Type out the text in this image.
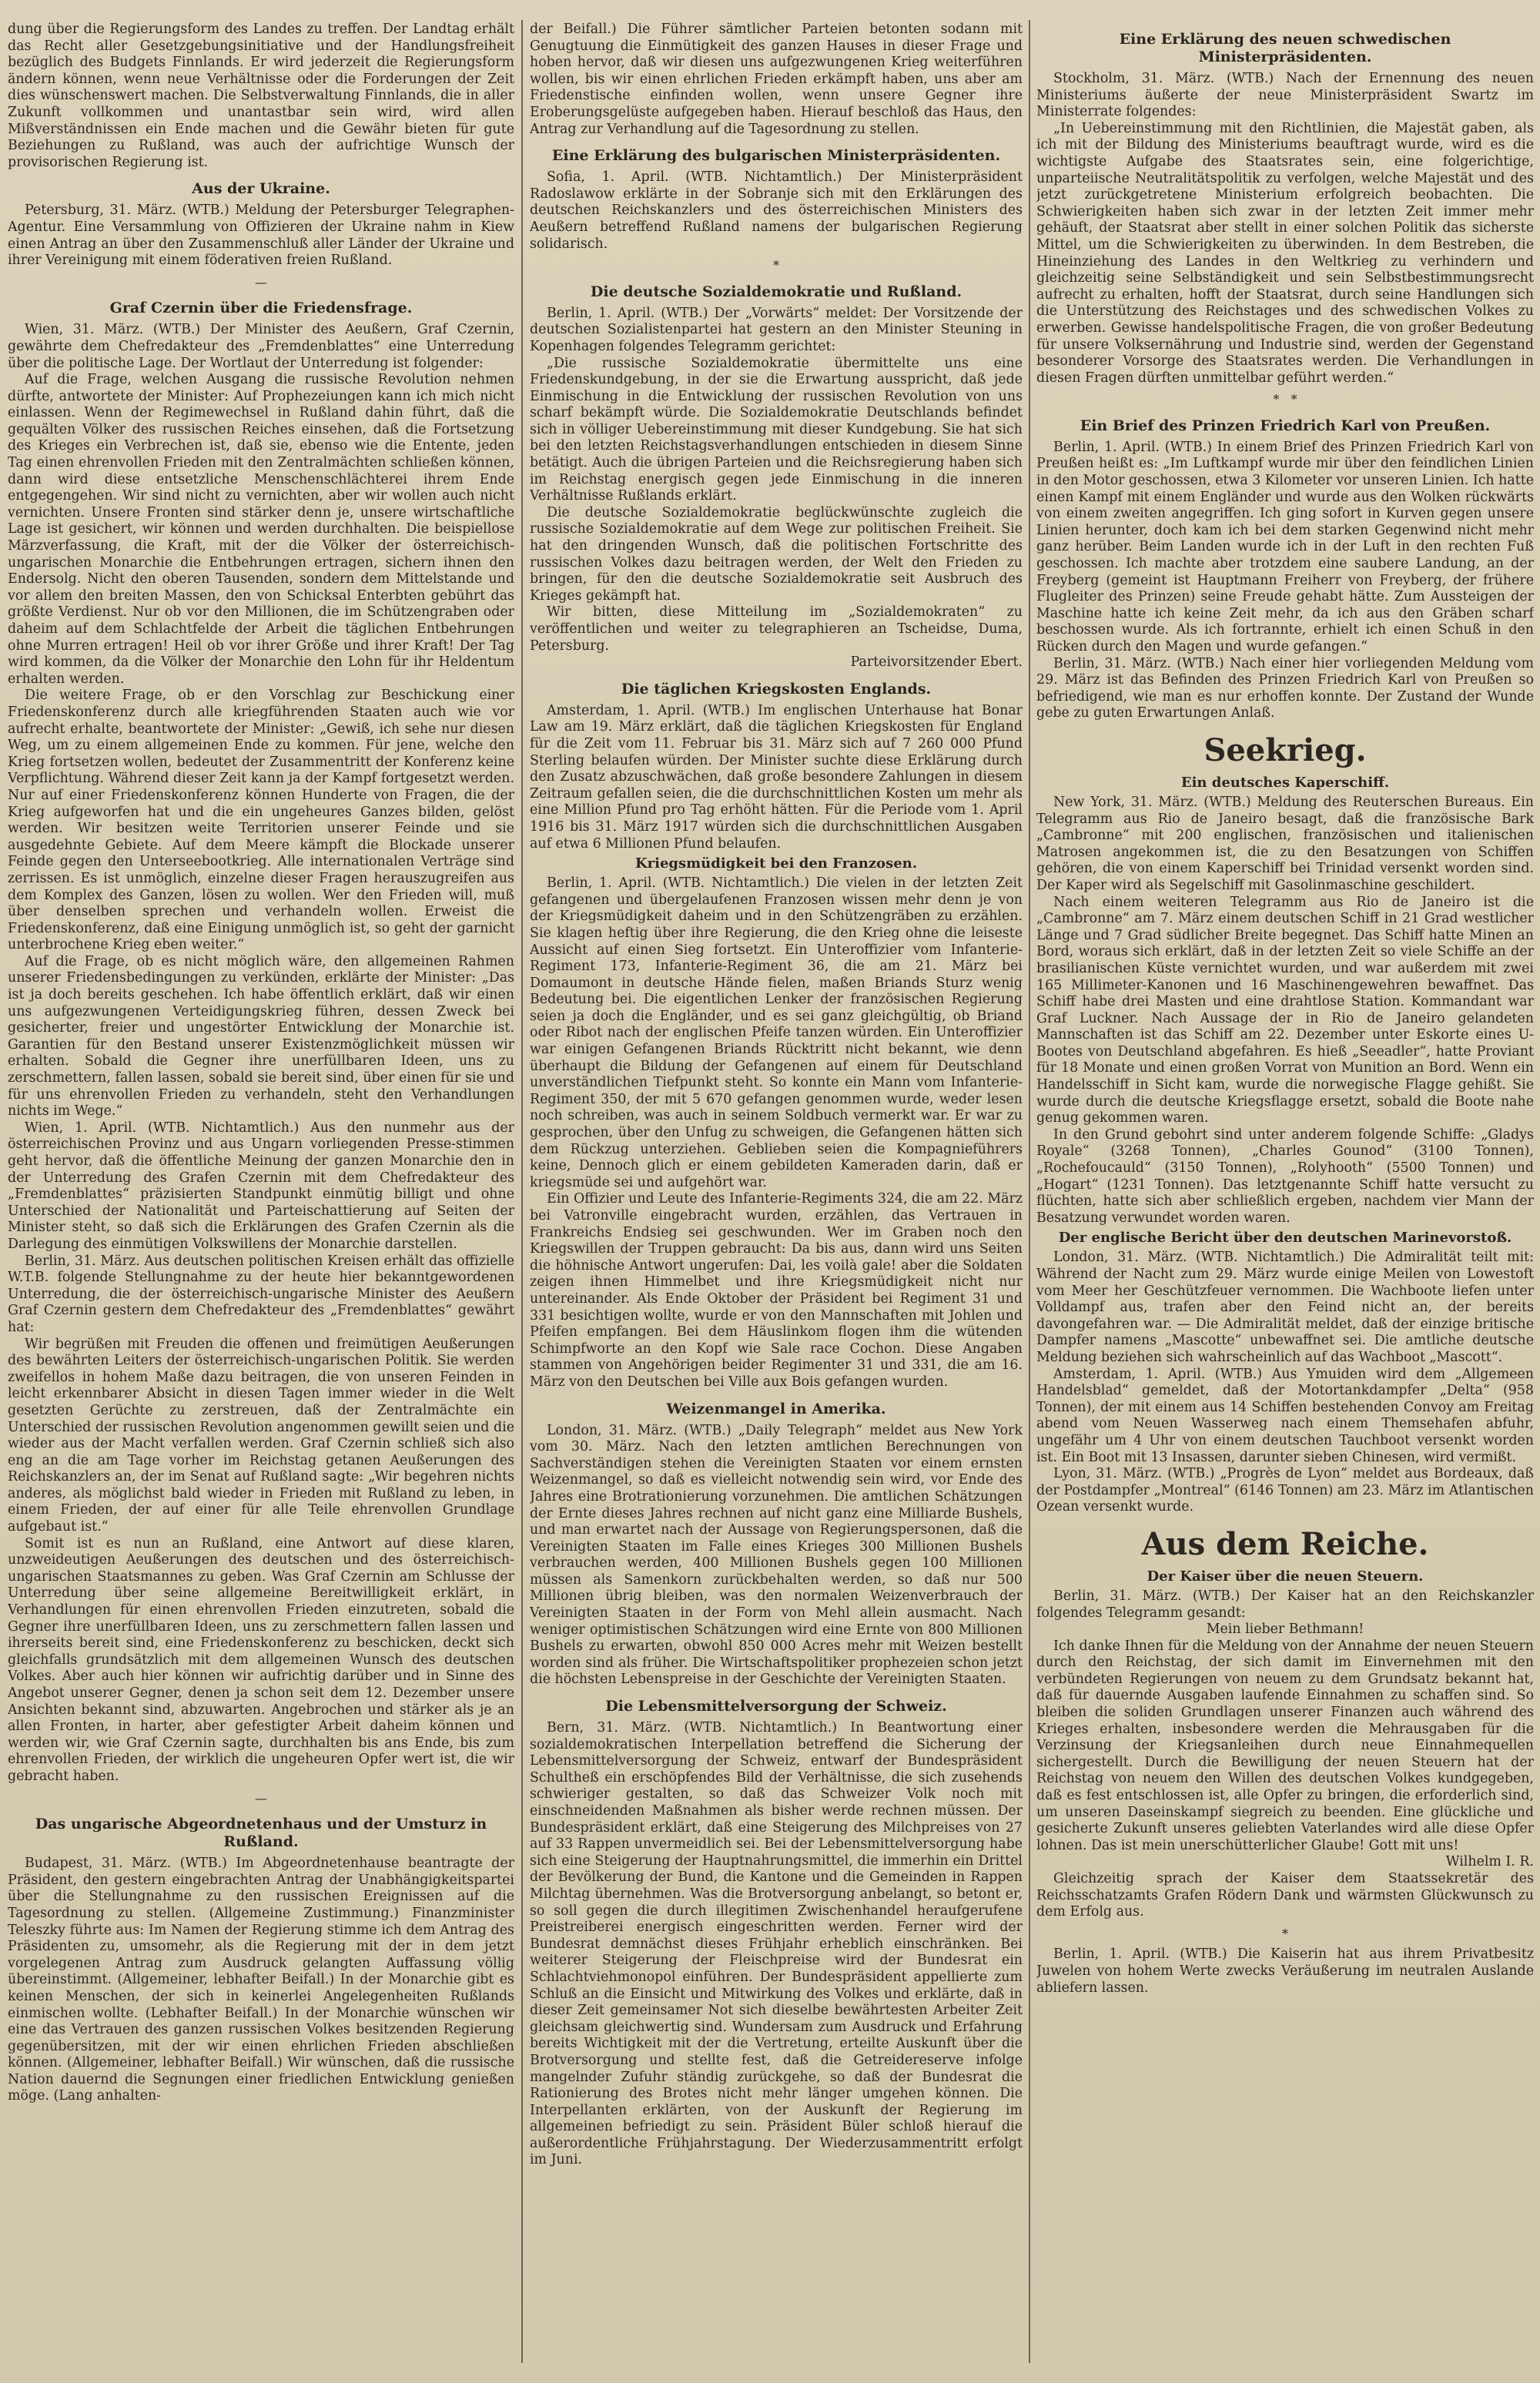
dung über die Regierungsform des Landes zu treffen. Der Landtag erhält das Recht aller Gesetzgebungsinitiative und der Handlungsfreiheit bezüglich des Budgets Finnlands. Er wird jederzeit die Regierungsform ändern können, wenn neue Verhältnisse oder die Forderungen der Zeit dies wünschenswert machen. Die Selbstverwaltung Finnlands, die in aller Zukunft vollkommen und unantastbar sein wird, wird allen Mißverständnissen ein Ende machen und die Gewähr bieten für gute Beziehungen zu Rußland, was auch der aufrichtige Wunsch der provisorischen Regierung ist.

Aus der Ukraine.

Petersburg, 31. März. (WTB.) Meldung der Petersburger Telegraphen-Agentur. Eine Versammlung von Offizieren der Ukraine nahm in Kiew einen Antrag an über den Zusammenschluß aller Länder der Ukraine und ihrer Vereinigung mit einem föderativen freien Rußland.

—
Graf Czernin über die Friedensfrage.

Wien, 31. März. (WTB.) Der Minister des Aeußern, Graf Czernin, gewährte dem Chefredakteur des „Fremdenblattes“ eine Unterredung über die politische Lage. Der Wortlaut der Unterredung ist folgender:

Auf die Frage, welchen Ausgang die russische Revolution nehmen dürfte, antwortete der Minister: Auf Prophezeiungen kann ich mich nicht einlassen. Wenn der Regimewechsel in Rußland dahin führt, daß die gequälten Völker des russischen Reiches einsehen, daß die Fortsetzung des Krieges ein Verbrechen ist, daß sie, ebenso wie die Entente, jeden Tag einen ehrenvollen Frieden mit den Zentralmächten schließen können, dann wird diese entsetzliche Menschenschlächterei ihrem Ende entgegengehen. Wir sind nicht zu vernichten, aber wir wollen auch nicht vernichten. Unsere Fronten sind stärker denn je, unsere wirtschaftliche Lage ist gesichert, wir können und werden durchhalten. Die beispiellose Märzverfassung, die Kraft, mit der die Völker der österreichisch-ungarischen Monarchie die Entbehrungen ertragen, sichern ihnen den Endersolg. Nicht den oberen Tausenden, sondern dem Mittelstande und vor allem den breiten Massen, den von Schicksal Enterbten gebührt das größte Verdienst. Nur ob vor den Millionen, die im Schützengraben oder daheim auf dem Schlachtfelde der Arbeit die täglichen Entbehrungen ohne Murren ertragen! Heil ob vor ihrer Größe und ihrer Kraft! Der Tag wird kommen, da die Völker der Monarchie den Lohn für ihr Heldentum erhalten werden.

Die weitere Frage, ob er den Vorschlag zur Beschickung einer Friedenskonferenz durch alle kriegführenden Staaten auch wie vor aufrecht erhalte, beantwortete der Minister: „Gewiß, ich sehe nur diesen Weg, um zu einem allgemeinen Ende zu kommen. Für jene, welche den Krieg fortsetzen wollen, bedeutet der Zusammentritt der Konferenz keine Verpflichtung. Während dieser Zeit kann ja der Kampf fortgesetzt werden. Nur auf einer Friedenskonferenz können Hunderte von Fragen, die der Krieg aufgeworfen hat und die ein ungeheures Ganzes bilden, gelöst werden. Wir besitzen weite Territorien unserer Feinde und sie ausgedehnte Gebiete. Auf dem Meere kämpft die Blockade unserer Feinde gegen den Unterseebootkrieg. Alle internationalen Verträge sind zerrissen. Es ist unmöglich, einzelne dieser Fragen herauszugreifen aus dem Komplex des Ganzen, lösen zu wollen. Wer den Frieden will, muß über denselben sprechen und verhandeln wollen. Erweist die Friedenskonferenz, daß eine Einigung unmöglich ist, so geht der garnicht unterbrochene Krieg eben weiter.“

Auf die Frage, ob es nicht möglich wäre, den allgemeinen Rahmen unserer Friedensbedingungen zu verkünden, erklärte der Minister: „Das ist ja doch bereits geschehen. Ich habe öffentlich erklärt, daß wir einen uns aufgezwungenen Verteidigungskrieg führen, dessen Zweck bei gesicherter, freier und ungestörter Entwicklung der Monarchie ist. Garantien für den Bestand unserer Existenzmöglichkeit müssen wir erhalten. Sobald die Gegner ihre unerfüllbaren Ideen, uns zu zerschmettern, fallen lassen, sobald sie bereit sind, über einen für sie und für uns ehrenvollen Frieden zu verhandeln, steht den Verhandlungen nichts im Wege.“

Wien, 1. April. (WTB. Nichtamtlich.) Aus den nunmehr aus der österreichischen Provinz und aus Ungarn vorliegenden Presse-stimmen geht hervor, daß die öffentliche Meinung der ganzen Monarchie den in der Unterredung des Grafen Czernin mit dem Chefredakteur des „Fremdenblattes“ präzisierten Standpunkt einmütig billigt und ohne Unterschied der Nationalität und Parteischattierung auf Seiten der Minister steht, so daß sich die Erklärungen des Grafen Czernin als die Darlegung des einmütigen Volkswillens der Monarchie darstellen.

Berlin, 31. März. Aus deutschen politischen Kreisen erhält das offizielle W.T.B. folgende Stellungnahme zu der heute hier bekanntgewordenen Unterredung, die der österreichisch-ungarische Minister des Aeußern Graf Czernin gestern dem Chefredakteur des „Fremdenblattes“ gewährt hat:

Wir begrüßen mit Freuden die offenen und freimütigen Aeußerungen des bewährten Leiters der österreichisch-ungarischen Politik. Sie werden zweifellos in hohem Maße dazu beitragen, die von unseren Feinden in leicht erkennbarer Absicht in diesen Tagen immer wieder in die Welt gesetzten Gerüchte zu zerstreuen, daß der Zentralmächte ein Unterschied der russischen Revolution angenommen gewillt seien und die wieder aus der Macht verfallen werden. Graf Czernin schließ sich also eng an die am Tage vorher im Reichstag getanen Aeußerungen des Reichskanzlers an, der im Senat auf Rußland sagte: „Wir begehren nichts anderes, als möglichst bald wieder in Frieden mit Rußland zu leben, in einem Frieden, der auf einer für alle Teile ehrenvollen Grundlage aufgebaut ist.“

Somit ist es nun an Rußland, eine Antwort auf diese klaren, unzweideutigen Aeußerungen des deutschen und des österreichisch-ungarischen Staatsmannes zu geben. Was Graf Czernin am Schlusse der Unterredung über seine allgemeine Bereitwilligkeit erklärt, in Verhandlungen für einen ehrenvollen Frieden einzutreten, sobald die Gegner ihre unerfüllbaren Ideen, uns zu zerschmettern fallen lassen und ihrerseits bereit sind, eine Friedenskonferenz zu beschicken, deckt sich gleichfalls grundsätzlich mit dem allgemeinen Wunsch des deutschen Volkes. Aber auch hier können wir aufrichtig darüber und in Sinne des Angebot unserer Gegner, denen ja schon seit dem 12. Dezember unsere Ansichten bekannt sind, abzuwarten. Angebrochen und stärker als je an allen Fronten, in harter, aber gefestigter Arbeit daheim können und werden wir, wie Graf Czernin sagte, durchhalten bis ans Ende, bis zum ehrenvollen Frieden, der wirklich die ungeheuren Opfer wert ist, die wir gebracht haben.

—
Das ungarische Abgeordnetenhaus und der Umsturz in Rußland.

Budapest, 31. März. (WTB.) Im Abgeordnetenhause beantragte der Präsident, den gestern eingebrachten Antrag der Unabhängigkeitspartei über die Stellungnahme zu den russischen Ereignissen auf die Tagesordnung zu stellen. (Allgemeine Zustimmung.) Finanzminister Teleszky führte aus: Im Namen der Regierung stimme ich dem Antrag des Präsidenten zu, umsomehr, als die Regierung mit der in dem jetzt vorgelegenen Antrag zum Ausdruck gelangten Auffassung völlig übereinstimmt. (Allgemeiner, lebhafter Beifall.) In der Monarchie gibt es keinen Menschen, der sich in keinerlei Angelegenheiten Rußlands einmischen wollte. (Lebhafter Beifall.) In der Monarchie wünschen wir eine das Vertrauen des ganzen russischen Volkes besitzenden Regierung gegenübersitzen, mit der wir einen ehrlichen Frieden abschließen können. (Allgemeiner, lebhafter Beifall.) Wir wünschen, daß die russische Nation dauernd die Segnungen einer friedlichen Entwicklung genießen möge. (Lang anhalten-

der Beifall.) Die Führer sämtlicher Parteien betonten sodann mit Genugtuung die Einmütigkeit des ganzen Hauses in dieser Frage und hoben hervor, daß wir diesen uns aufgezwungenen Krieg weiterführen wollen, bis wir einen ehrlichen Frieden erkämpft haben, uns aber am Friedenstische einfinden wollen, wenn unsere Gegner ihre Eroberungsgelüste aufgegeben haben. Hierauf beschloß das Haus, den Antrag zur Verhandlung auf die Tagesordnung zu stellen.

Eine Erklärung des bulgarischen Ministerpräsidenten.

Sofia, 1. April. (WTB. Nichtamtlich.) Der Ministerpräsident Radoslawow erklärte in der Sobranje sich mit den Erklärungen des deutschen Reichskanzlers und des österreichischen Ministers des Aeußern betreffend Rußland namens der bulgarischen Regierung solidarisch.

*
Die deutsche Sozialdemokratie und Rußland.

Berlin, 1. April. (WTB.) Der „Vorwärts“ meldet: Der Vorsitzende der deutschen Sozialistenpartei hat gestern an den Minister Steuning in Kopenhagen folgendes Telegramm gerichtet:

„Die russische Sozialdemokratie übermittelte uns eine Friedenskundgebung, in der sie die Erwartung ausspricht, daß jede Einmischung in die Entwicklung der russischen Revolution von uns scharf bekämpft würde. Die Sozialdemokratie Deutschlands befindet sich in völliger Uebereinstimmung mit dieser Kundgebung. Sie hat sich bei den letzten Reichstagsverhandlungen entschieden in diesem Sinne betätigt. Auch die übrigen Parteien und die Reichsregierung haben sich im Reichstag energisch gegen jede Einmischung in die inneren Verhältnisse Rußlands erklärt.

Die deutsche Sozialdemokratie beglückwünschte zugleich die russische Sozialdemokratie auf dem Wege zur politischen Freiheit. Sie hat den dringenden Wunsch, daß die politischen Fortschritte des russischen Volkes dazu beitragen werden, der Welt den Frieden zu bringen, für den die deutsche Sozialdemokratie seit Ausbruch des Krieges gekämpft hat.

Wir bitten, diese Mitteilung im „Sozialdemokraten“ zu veröffentlichen und weiter zu telegraphieren an Tscheidse, Duma, Petersburg.

Parteivorsitzender Ebert.

Die täglichen Kriegskosten Englands.

Amsterdam, 1. April. (WTB.) Im englischen Unterhause hat Bonar Law am 19. März erklärt, daß die täglichen Kriegskosten für England für die Zeit vom 11. Februar bis 31. März sich auf 7 260 000 Pfund Sterling belaufen würden. Der Minister suchte diese Erklärung durch den Zusatz abzuschwächen, daß große besondere Zahlungen in diesem Zeitraum gefallen seien, die die durchschnittlichen Kosten um mehr als eine Million Pfund pro Tag erhöht hätten. Für die Periode vom 1. April 1916 bis 31. März 1917 würden sich die durchschnittlichen Ausgaben auf etwa 6 Millionen Pfund belaufen.

Kriegsmüdigkeit bei den Franzosen.

Berlin, 1. April. (WTB. Nichtamtlich.) Die vielen in der letzten Zeit gefangenen und übergelaufenen Franzosen wissen mehr denn je von der Kriegsmüdigkeit daheim und in den Schützengräben zu erzählen. Sie klagen heftig über ihre Regierung, die den Krieg ohne die leiseste Aussicht auf einen Sieg fortsetzt. Ein Unteroffizier vom Infanterie-Regiment 173, Infanterie-Regiment 36, die am 21. März bei Domaumont in deutsche Hände fielen, maßen Briands Sturz wenig Bedeutung bei. Die eigentlichen Lenker der französischen Regierung seien ja doch die Engländer, und es sei ganz gleichgültig, ob Briand oder Ribot nach der englischen Pfeife tanzen würden. Ein Unteroffizier war einigen Gefangenen Briands Rücktritt nicht bekannt, wie denn überhaupt die Bildung der Gefangenen auf einem für Deutschland unverständlichen Tiefpunkt steht. So konnte ein Mann vom Infanterie-Regiment 350, der mit 5 670 gefangen genommen wurde, weder lesen noch schreiben, was auch in seinem Soldbuch vermerkt war. Er war zu gesprochen, über den Unfug zu schweigen, die Gefangenen hätten sich dem Rückzug unterziehen. Geblieben seien die Kompagnieführers keine, Dennoch glich er einem gebildeten Kameraden darin, daß er kriegsmüde sei und aufgehört war.

Ein Offizier und Leute des Infanterie-Regiments 324, die am 22. März bei Vatronville eingebracht wurden, erzählen, das Vertrauen in Frankreichs Endsieg sei geschwunden. Wer im Graben noch den Kriegswillen der Truppen gebraucht: Da bis aus, dann wird uns Seiten die höhnische Antwort ungerufen: Dai, les voilà gale! aber die Soldaten zeigen ihnen Himmelbet und ihre Kriegsmüdigkeit nicht nur untereinander. Als Ende Oktober der Präsident bei Regiment 31 und 331 besichtigen wollte, wurde er von den Mannschaften mit Johlen und Pfeifen empfangen. Bei dem Häuslinkom flogen ihm die wütenden Schimpfworte an den Kopf wie Sale race Cochon. Diese Angaben stammen von Angehörigen beider Regimenter 31 und 331, die am 16. März von den Deutschen bei Ville aux Bois gefangen wurden.

Weizenmangel in Amerika.

London, 31. März. (WTB.) „Daily Telegraph“ meldet aus New York vom 30. März. Nach den letzten amtlichen Berechnungen von Sachverständigen stehen die Vereinigten Staaten vor einem ernsten Weizenmangel, so daß es vielleicht notwendig sein wird, vor Ende des Jahres eine Brotrationierung vorzunehmen. Die amtlichen Schätzungen der Ernte dieses Jahres rechnen auf nicht ganz eine Milliarde Bushels, und man erwartet nach der Aussage von Regierungspersonen, daß die Vereinigten Staaten im Falle eines Krieges 300 Millionen Bushels verbrauchen werden, 400 Millionen Bushels gegen 100 Millionen müssen als Samenkorn zurückbehalten werden, so daß nur 500 Millionen übrig bleiben, was den normalen Weizenverbrauch der Vereinigten Staaten in der Form von Mehl allein ausmacht. Nach weniger optimistischen Schätzungen wird eine Ernte von 800 Millionen Bushels zu erwarten, obwohl 850 000 Acres mehr mit Weizen bestellt worden sind als früher. Die Wirtschaftspolitiker prophezeien schon jetzt die höchsten Lebenspreise in der Geschichte der Vereinigten Staaten.

Die Lebensmittelversorgung der Schweiz.

Bern, 31. März. (WTB. Nichtamtlich.) In Beantwortung einer sozialdemokratischen Interpellation betreffend die Sicherung der Lebensmittelversorgung der Schweiz, entwarf der Bundespräsident Schultheß ein erschöpfendes Bild der Verhältnisse, die sich zusehends schwieriger gestalten, so daß das Schweizer Volk noch mit einschneidenden Maßnahmen als bisher werde rechnen müssen. Der Bundespräsident erklärt, daß eine Steigerung des Milchpreises von 27 auf 33 Rappen unvermeidlich sei. Bei der Lebensmittelversorgung habe sich eine Steigerung der Hauptnahrungsmittel, die immerhin ein Drittel der Bevölkerung der Bund, die Kantone und die Gemeinden in Rappen Milchtag übernehmen. Was die Brotversorgung anbelangt, so betont er, so soll gegen die durch illegitimen Zwischenhandel heraufgerufene Preistreiberei energisch eingeschritten werden. Ferner wird der Bundesrat demnächst dieses Frühjahr erheblich einschränken. Bei weiterer Steigerung der Fleischpreise wird der Bundesrat ein Schlachtviehmonopol einführen. Der Bundespräsident appellierte zum Schluß an die Einsicht und Mitwirkung des Volkes und erklärte, daß in dieser Zeit gemeinsamer Not sich dieselbe bewährtesten Arbeiter Zeit gleichsam gleichwertig sind. Wundersam zum Ausdruck und Erfahrung bereits Wichtigkeit mit der die Vertretung, erteilte Auskunft über die Brotversorgung und stellte fest, daß die Getreidereserve infolge mangelnder Zufuhr ständig zurückgehe, so daß der Bundesrat die Rationierung des Brotes nicht mehr länger umgehen können. Die Interpellanten erklärten, von der Auskunft der Regierung im allgemeinen befriedigt zu sein. Präsident Büler schloß hierauf die außerordentliche Frühjahrstagung. Der Wiederzusammentritt erfolgt im Juni.

Eine Erklärung des neuen schwedischen Ministerpräsidenten.

Stockholm, 31. März. (WTB.) Nach der Ernennung des neuen Ministeriums äußerte der neue Ministerpräsident Swartz im Ministerrate folgendes:

„In Uebereinstimmung mit den Richtlinien, die Majestät gaben, als ich mit der Bildung des Ministeriums beauftragt wurde, wird es die wichtigste Aufgabe des Staatsrates sein, eine folgerichtige, unparteiische Neutralitätspolitik zu verfolgen, welche Majestät und des jetzt zurückgetretene Ministerium erfolgreich beobachten. Die Schwierigkeiten haben sich zwar in der letzten Zeit immer mehr gehäuft, der Staatsrat aber stellt in einer solchen Politik das sicherste Mittel, um die Schwierigkeiten zu überwinden. In dem Bestreben, die Hineinziehung des Landes in den Weltkrieg zu verhindern und gleichzeitig seine Selbständigkeit und sein Selbstbestimmungsrecht aufrecht zu erhalten, hofft der Staatsrat, durch seine Handlungen sich die Unterstützung des Reichstages und des schwedischen Volkes zu erwerben. Gewisse handelspolitische Fragen, die von großer Bedeutung für unsere Volksernährung und Industrie sind, werden der Gegenstand besonderer Vorsorge des Staatsrates werden. Die Verhandlungen in diesen Fragen dürften unmittelbar geführt werden.“

*   *
Ein Brief des Prinzen Friedrich Karl von Preußen.

Berlin, 1. April. (WTB.) In einem Brief des Prinzen Friedrich Karl von Preußen heißt es: „Im Luftkampf wurde mir über den feindlichen Linien in den Motor geschossen, etwa 3 Kilometer vor unseren Linien. Ich hatte einen Kampf mit einem Engländer und wurde aus den Wolken rückwärts von einem zweiten angegriffen. Ich ging sofort in Kurven gegen unsere Linien herunter, doch kam ich bei dem starken Gegenwind nicht mehr ganz herüber. Beim Landen wurde ich in der Luft in den rechten Fuß geschossen. Ich machte aber trotzdem eine saubere Landung, an der Freyberg (gemeint ist Hauptmann Freiherr von Freyberg, der frühere Flugleiter des Prinzen) seine Freude gehabt hätte. Zum Aussteigen der Maschine hatte ich keine Zeit mehr, da ich aus den Gräben scharf beschossen wurde. Als ich fortrannte, erhielt ich einen Schuß in den Rücken durch den Magen und wurde gefangen.“

Berlin, 31. März. (WTB.) Nach einer hier vorliegenden Meldung vom 29. März ist das Befinden des Prinzen Friedrich Karl von Preußen so befriedigend, wie man es nur erhoffen konnte. Der Zustand der Wunde gebe zu guten Erwartungen Anlaß.

Seekrieg.
Ein deutsches Kaperschiff.

New York, 31. März. (WTB.) Meldung des Reuterschen Bureaus. Ein Telegramm aus Rio de Janeiro besagt, daß die französische Bark „Cambronne“ mit 200 englischen, französischen und italienischen Matrosen angekommen ist, die zu den Besatzungen von Schiffen gehören, die von einem Kaperschiff bei Trinidad versenkt worden sind. Der Kaper wird als Segelschiff mit Gasolinmaschine geschildert.

Nach einem weiteren Telegramm aus Rio de Janeiro ist die „Cambronne“ am 7. März einem deutschen Schiff in 21 Grad westlicher Länge und 7 Grad südlicher Breite begegnet. Das Schiff hatte Minen an Bord, woraus sich erklärt, daß in der letzten Zeit so viele Schiffe an der brasilianischen Küste vernichtet wurden, und war außerdem mit zwei 165 Millimeter-Kanonen und 16 Maschinengewehren bewaffnet. Das Schiff habe drei Masten und eine drahtlose Station. Kommandant war Graf Luckner. Nach Aussage der in Rio de Janeiro gelandeten Mannschaften ist das Schiff am 22. Dezember unter Eskorte eines U-Bootes von Deutschland abgefahren. Es hieß „Seeadler“, hatte Proviant für 18 Monate und einen großen Vorrat von Munition an Bord. Wenn ein Handelsschiff in Sicht kam, wurde die norwegische Flagge gehißt. Sie wurde durch die deutsche Kriegsflagge ersetzt, sobald die Boote nahe genug gekommen waren.

In den Grund gebohrt sind unter anderem folgende Schiffe: „Gladys Royale“ (3268 Tonnen), „Charles Gounod“ (3100 Tonnen), „Rochefoucauld“ (3150 Tonnen), „Rolyhooth“ (5500 Tonnen) und „Hogart“ (1231 Tonnen). Das letztgenannte Schiff hatte versucht zu flüchten, hatte sich aber schließlich ergeben, nachdem vier Mann der Besatzung verwundet worden waren.

Der englische Bericht über den deutschen Marinevorstoß.

London, 31. März. (WTB. Nichtamtlich.) Die Admiralität teilt mit: Während der Nacht zum 29. März wurde einige Meilen von Lowestoft vom Meer her Geschützfeuer vernommen. Die Wachboote liefen unter Volldampf aus, trafen aber den Feind nicht an, der bereits davongefahren war. — Die Admiralität meldet, daß der einzige britische Dampfer namens „Mascotte“ unbewaffnet sei. Die amtliche deutsche Meldung beziehen sich wahrscheinlich auf das Wachboot „Mascott“.

Amsterdam, 1. April. (WTB.) Aus Ymuiden wird dem „Allgemeen Handelsblad“ gemeldet, daß der Motortankdampfer „Delta“ (958 Tonnen), der mit einem aus 14 Schiffen bestehenden Convoy am Freitag abend vom Neuen Wasserweg nach einem Themsehafen abfuhr, ungefähr um 4 Uhr von einem deutschen Tauchboot versenkt worden ist. Ein Boot mit 13 Insassen, darunter sieben Chinesen, wird vermißt.

Lyon, 31. März. (WTB.) „Progrès de Lyon“ meldet aus Bordeaux, daß der Postdampfer „Montreal“ (6146 Tonnen) am 23. März im Atlantischen Ozean versenkt wurde.

Aus dem Reiche.
Der Kaiser über die neuen Steuern.

Berlin, 31. März. (WTB.) Der Kaiser hat an den Reichskanzler folgendes Telegramm gesandt:

Mein lieber Bethmann!

Ich danke Ihnen für die Meldung von der Annahme der neuen Steuern durch den Reichstag, der sich damit im Einvernehmen mit den verbündeten Regierungen von neuem zu dem Grundsatz bekannt hat, daß für dauernde Ausgaben laufende Einnahmen zu schaffen sind. So bleiben die soliden Grundlagen unserer Finanzen auch während des Krieges erhalten, insbesondere werden die Mehrausgaben für die Verzinsung der Kriegsanleihen durch neue Einnahmequellen sichergestellt. Durch die Bewilligung der neuen Steuern hat der Reichstag von neuem den Willen des deutschen Volkes kundgegeben, daß es fest entschlossen ist, alle Opfer zu bringen, die erforderlich sind, um unseren Daseinskampf siegreich zu beenden. Eine glückliche und gesicherte Zukunft unseres geliebten Vaterlandes wird alle diese Opfer lohnen. Das ist mein unerschütterlicher Glaube! Gott mit uns!

Wilhelm I. R.

Gleichzeitig sprach der Kaiser dem Staatssekretär des Reichsschatzamts Grafen Rödern Dank und wärmsten Glückwunsch zu dem Erfolg aus.

*

Berlin, 1. April. (WTB.) Die Kaiserin hat aus ihrem Privatbesitz Juwelen von hohem Werte zwecks Veräußerung im neutralen Auslande abliefern lassen.
